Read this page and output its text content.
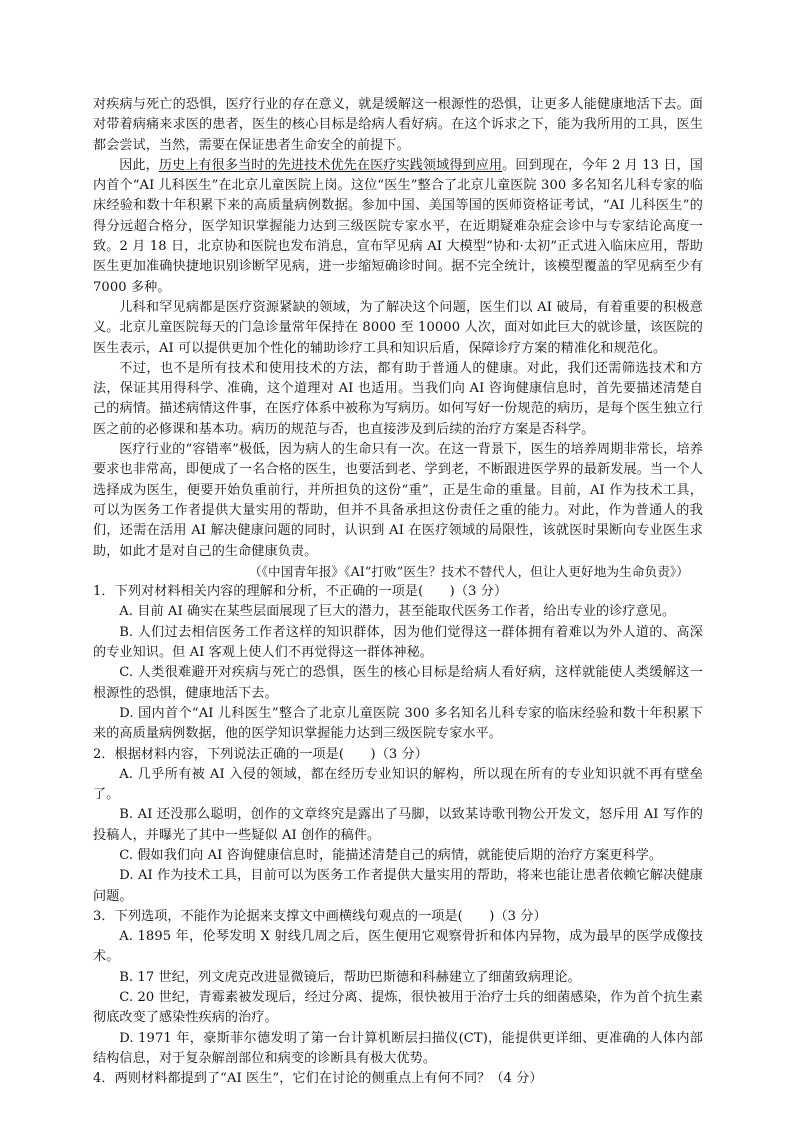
对疾病与死亡的恐惧，医疗行业的存在意义，就是缓解这一根源性的恐惧，让更多人能健康地活下去。面对带着病痛来求医的患者，医生的核心目标是给病人看好病。在这个诉求之下，能为我所用的工具，医生都会尝试，当然，需要在保证患者生命安全的前提下。

因此，历史上有很多当时的先进技术优先在医疗实践领域得到应用。回到现在，今年 2 月 13 日，国内首个“AI 儿科医生”在北京儿童医院上岗。这位“医生”整合了北京儿童医院 300 多名知名儿科专家的临床经验和数十年积累下来的高质量病例数据。参加中国、美国等国的医师资格证考试，“AI 儿科医生”的得分远超合格分，医学知识掌握能力达到三级医院专家水平，在近期疑难杂症会诊中与专家结论高度一致。2 月 18 日，北京协和医院也发布消息，宣布罕见病 AI 大模型“协和·太初”正式进入临床应用，帮助医生更加准确快捷地识别诊断罕见病，进一步缩短确诊时间。据不完全统计，该模型覆盖的罕见病至少有 7000 多种。

儿科和罕见病都是医疗资源紧缺的领域，为了解决这个问题，医生们以 AI 破局，有着重要的积极意义。北京儿童医院每天的门急诊量常年保持在 8000 至 10000 人次，面对如此巨大的就诊量，该医院的医生表示，AI 可以提供更加个性化的辅助诊疗工具和知识后盾，保障诊疗方案的精准化和规范化。

不过，也不是所有技术和使用技术的方法，都有助于普通人的健康。对此，我们还需筛选技术和方法，保证其用得科学、准确，这个道理对 AI 也适用。当我们向 AI 咨询健康信息时，首先要描述清楚自己的病情。描述病情这件事，在医疗体系中被称为写病历。如何写好一份规范的病历，是每个医生独立行医之前的必修课和基本功。病历的规范与否，也直接涉及到后续的治疗方案是否科学。

医疗行业的“容错率”极低，因为病人的生命只有一次。在这一背景下，医生的培养周期非常长，培养要求也非常高，即便成了一名合格的医生，也要活到老、学到老，不断跟进医学界的最新发展。当一个人选择成为医生，便要开始负重前行，并所担负的这份“重”，正是生命的重量。目前，AI 作为技术工具，可以为医务工作者提供大量实用的帮助，但并不具备承担这份责任之重的能力。对此，作为普通人的我们，还需在活用 AI 解决健康问题的同时，认识到 AI 在医疗领域的局限性，该就医时果断向专业医生求助，如此才是对自己的生命健康负责。

（《中国青年报》《AI“打败”医生？技术不替代人，但让人更好地为生命负责》）

1．下列对材料相关内容的理解和分析，不正确的一项是(　　)（3 分）

A. 目前 AI 确实在某些层面展现了巨大的潜力，甚至能取代医务工作者，给出专业的诊疗意见。

B. 人们过去相信医务工作者这样的知识群体，因为他们觉得这一群体拥有着难以为外人道的、高深的专业知识。但 AI 客观上使人们不再觉得这一群体神秘。

C. 人类很难避开对疾病与死亡的恐惧，医生的核心目标是给病人看好病，这样就能使人类缓解这一根源性的恐惧，健康地活下去。

D. 国内首个“AI 儿科医生”整合了北京儿童医院 300 多名知名儿科专家的临床经验和数十年积累下来的高质量病例数据，他的医学知识掌握能力达到三级医院专家水平。

2．根据材料内容，下列说法正确的一项是(　　)（3 分）

A. 几乎所有被 AI 入侵的领域，都在经历专业知识的解构，所以现在所有的专业知识就不再有壁垒了。

B. AI 还没那么聪明，创作的文章终究是露出了马脚，以致某诗歌刊物公开发文，怒斥用 AI 写作的投稿人，并曝光了其中一些疑似 AI 创作的稿件。

C. 假如我们向 AI 咨询健康信息时，能描述清楚自己的病情，就能使后期的治疗方案更科学。

D. AI 作为技术工具，目前可以为医务工作者提供大量实用的帮助，将来也能让患者依赖它解决健康问题。

3．下列选项，不能作为论据来支撑文中画横线句观点的一项是(　　)（3 分）

A. 1895 年，伦琴发明 X 射线几周之后，医生便用它观察骨折和体内异物，成为最早的医学成像技术。

B. 17 世纪，列文虎克改进显微镜后，帮助巴斯德和科赫建立了细菌致病理论。

C. 20 世纪，青霉素被发现后，经过分离、提炼，很快被用于治疗士兵的细菌感染，作为首个抗生素彻底改变了感染性疾病的治疗。

D. 1971 年，豪斯菲尔德发明了第一台计算机断层扫描仪(CT)，能提供更详细、更准确的人体内部结构信息，对于复杂解剖部位和病变的诊断具有极大优势。

4．两则材料都提到了“AI 医生”，它们在讨论的侧重点上有何不同？（4 分）
